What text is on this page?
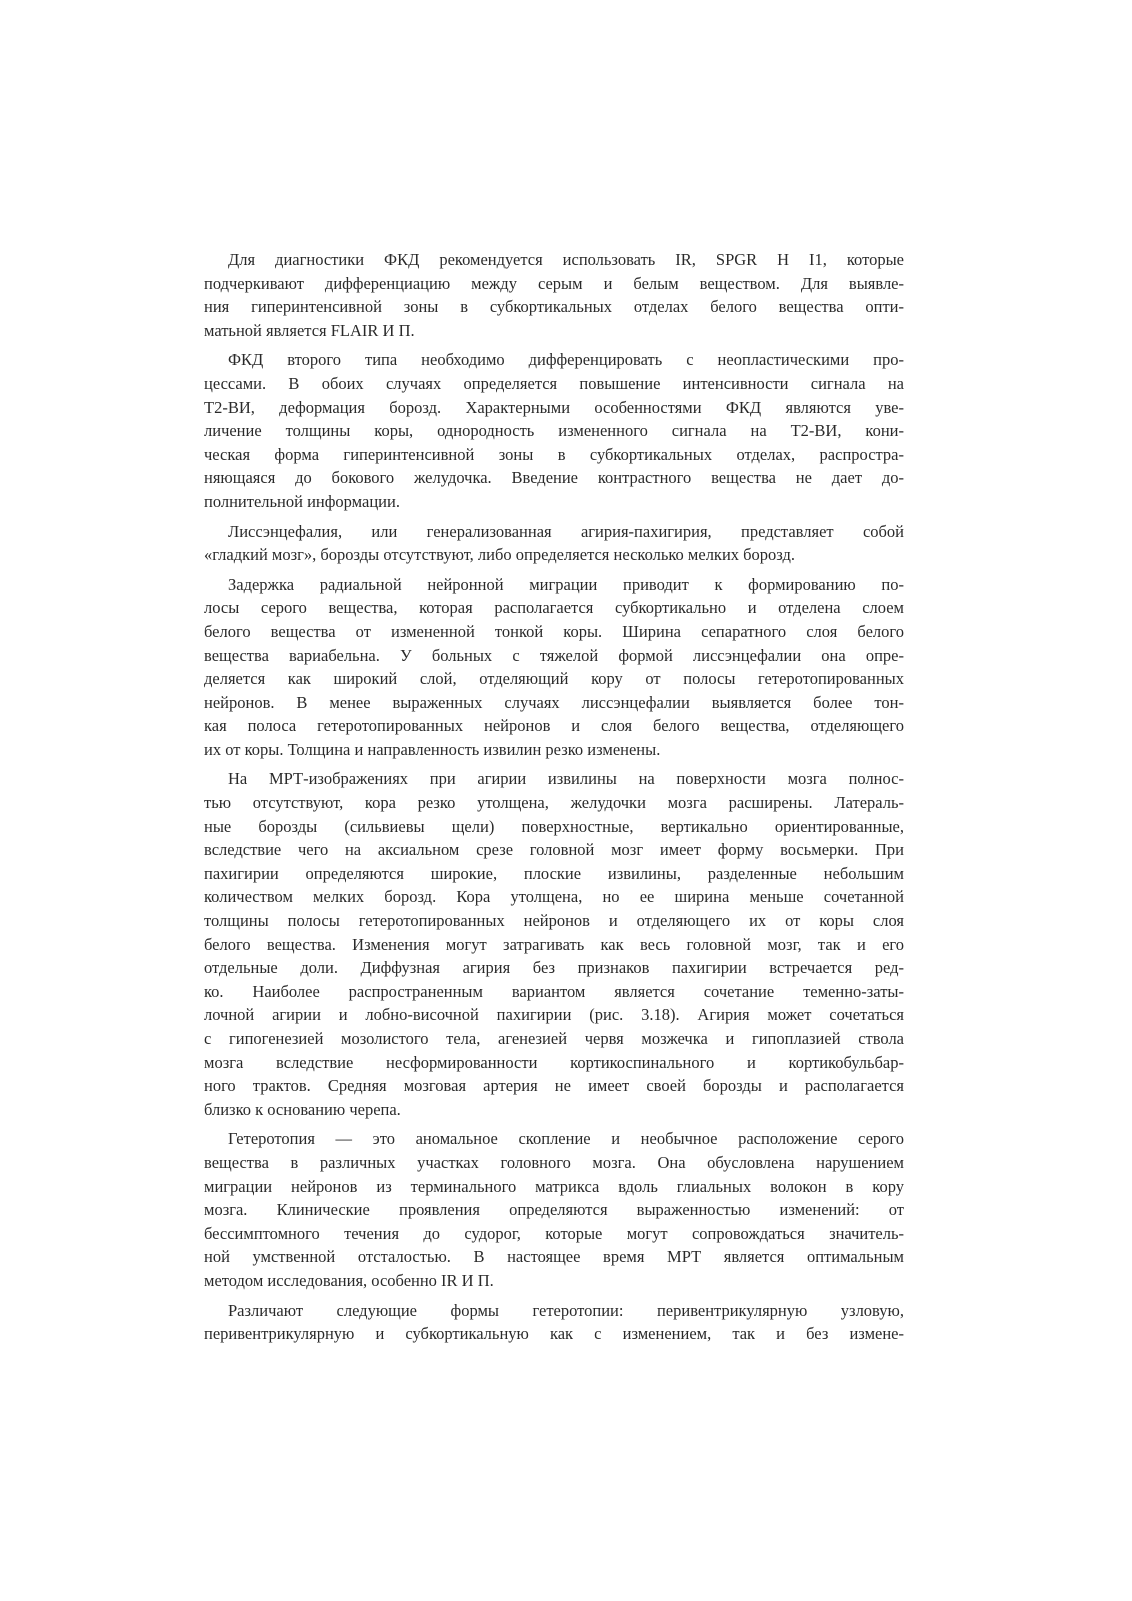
Для диагностики ФКД рекомендуется использовать IR, SPGR H I1, которые
подчеркивают дифференциацию между серым и белым веществом. Для выявле-
ния гиперинтенсивной зоны в субкортикальных отделах белого вещества опти-
матьной является FLAIR И П.
ФКД второго типа необходимо дифференцировать с неопластическими про-
цессами. В обоих случаях определяется повышение интенсивности сигнала на
Т2-ВИ, деформация борозд. Характерными особенностями ФКД являются уве-
личение толщины коры, однородность измененного сигнала на Т2-ВИ, кони-
ческая форма гиперинтенсивной зоны в субкортикальных отделах, распростра-
няющаяся до бокового желудочка. Введение контрастного вещества не дает до-
полнительной информации.
Лиссэнцефалия, или генерализованная агирия-пахигирия, представляет собой
«гладкий мозг», борозды отсутствуют, либо определяется несколько мелких борозд.
Задержка радиальной нейронной миграции приводит к формированию по-
лосы серого вещества, которая располагается субкортикально и отделена слоем
белого вещества от измененной тонкой коры. Ширина сепаратного слоя белого
вещества вариабельна. У больных с тяжелой формой лиссэнцефалии она опре-
деляется как широкий слой, отделяющий кору от полосы гетеротопированных
нейронов. В менее выраженных случаях лиссэнцефалии выявляется более тон-
кая полоса гетеротопированных нейронов и слоя белого вещества, отделяющего
их от коры. Толщина и направленность извилин резко изменены.
На МРТ-изображениях при агирии извилины на поверхности мозга полнос-
тью отсутствуют, кора резко утолщена, желудочки мозга расширены. Латераль-
ные борозды (сильвиевы щели) поверхностные, вертикально ориентированные,
вследствие чего на аксиальном срезе головной мозг имеет форму восьмерки. При
пахигирии определяются широкие, плоские извилины, разделенные небольшим
количеством мелких борозд. Кора утолщена, но ее ширина меньше сочетанной
толщины полосы гетеротопированных нейронов и отделяющего их от коры слоя
белого вещества. Изменения могут затрагивать как весь головной мозг, так и его
отдельные доли. Диффузная агирия без признаков пахигирии встречается ред-
ко. Наиболее распространенным вариантом является сочетание теменно-заты-
лочной агирии и лобно-височной пахигирии (рис. 3.18). Агирия может сочетаться
с гипогенезией мозолистого тела, агенезией червя мозжечка и гипоплазией ствола
мозга вследствие несформированности кортикоспинального и кортикобульбар-
ного трактов. Средняя мозговая артерия не имеет своей борозды и располагается
близко к основанию черепа.
Гетеротопия — это аномальное скопление и необычное расположение серого
вещества в различных участках головного мозга. Она обусловлена нарушением
миграции нейронов из терминального матрикса вдоль глиальных волокон в кору
мозга. Клинические проявления определяются выраженностью изменений: от
бессимптомного течения до судорог, которые могут сопровождаться значитель-
ной умственной отсталостью. В настоящее время МРТ является оптимальным
методом исследования, особенно IR И П.
Различают следующие формы гетеротопии: перивентрикулярную узловую,
перивентрикулярную и субкортикальную как с изменением, так и без измене-
